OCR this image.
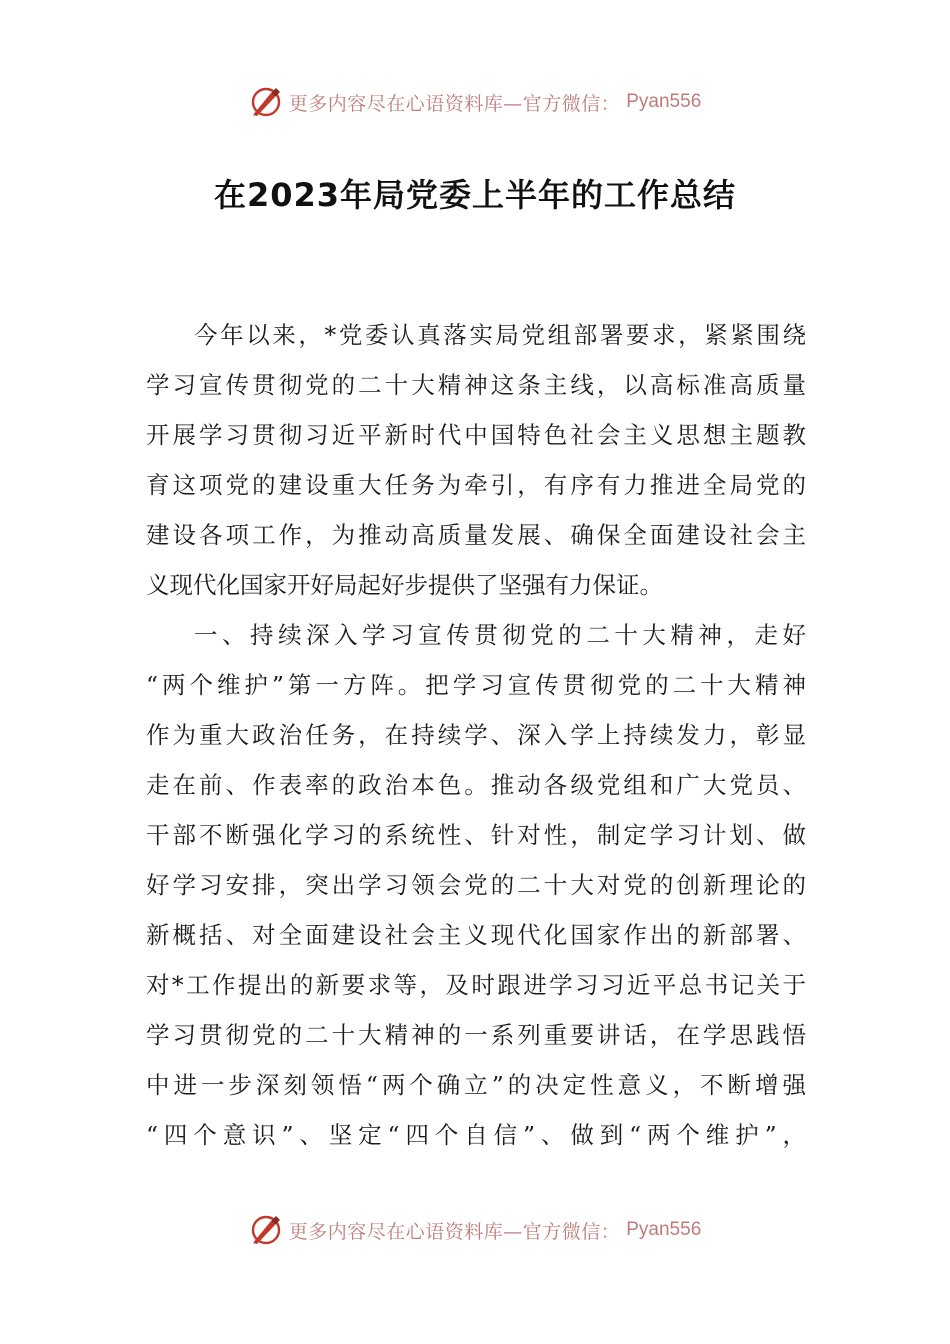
更多内容尽在心语资料库—官方微信： Pyan556
在2023年局党委上半年的工作总结
今年以来，*党委认真落实局党组部署要求，紧紧围绕
学习宣传贯彻党的二十大精神这条主线，以高标准高质量
开展学习贯彻习近平新时代中国特色社会主义思想主题教
育这项党的建设重大任务为牵引，有序有力推进全局党的
建设各项工作，为推动高质量发展、确保全面建设社会主
义现代化国家开好局起好步提供了坚强有力保证。
一、持续深入学习宣传贯彻党的二十大精神，走好
“两个维护”第一方阵。把学习宣传贯彻党的二十大精神
作为重大政治任务，在持续学、深入学上持续发力，彰显
走在前、作表率的政治本色。推动各级党组和广大党员、
干部不断强化学习的系统性、针对性，制定学习计划、做
好学习安排，突出学习领会党的二十大对党的创新理论的
新概括、对全面建设社会主义现代化国家作出的新部署、
对*工作提出的新要求等，及时跟进学习习近平总书记关于
学习贯彻党的二十大精神的一系列重要讲话，在学思践悟
中进一步深刻领悟“两个确立”的决定性意义，不断增强
“四个意识”、坚定“四个自信”、做到“两个维护”，
更多内容尽在心语资料库—官方微信： Pyan556
